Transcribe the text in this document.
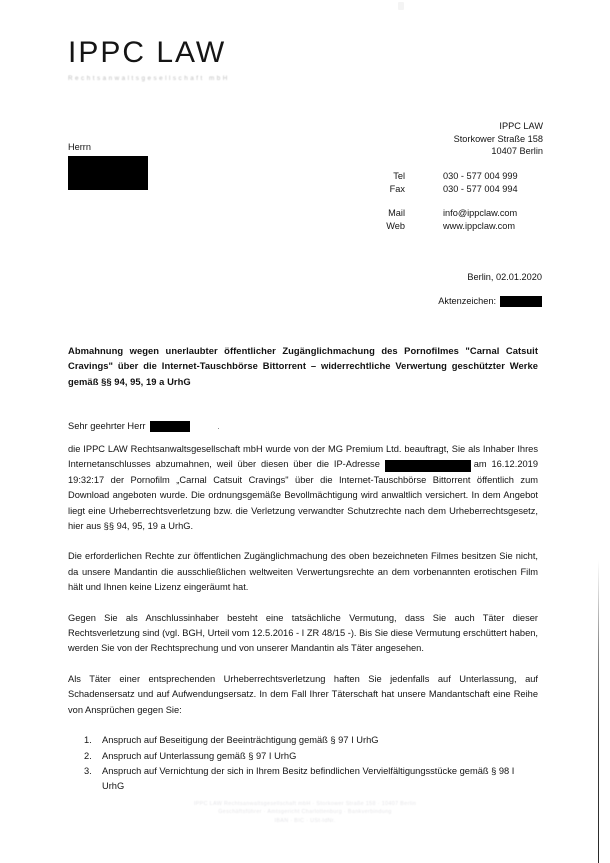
IPPC LAW
Rechtsanwaltsgesellschaft mbH
IPPC LAW
Storkower Straße 158
10407 Berlin
Tel	030 - 577 004 999
Fax	030 - 577 004 994

Mail	info@ippclaw.com
Web	www.ippclaw.com
Herrn
Berlin, 02.01.2020
Aktenzeichen:
Abmahnung wegen unerlaubter öffentlicher Zugänglichmachung des Pornofilmes "Carnal Catsuit Cravings" über die Internet-Tauschbörse Bittorrent – widerrechtliche Verwertung geschützter Werke gemäß §§ 94, 95, 19 a UrhG
Sehr geehrter Herr	.

die IPPC LAW Rechtsanwaltsgesellschaft mbH wurde von der MG Premium Ltd. beauftragt, Sie als Inhaber Ihres Internetanschlusses abzumahnen, weil über diesen über die IP-Adresse	am 16.12.2019 19:32:17 der Pornofilm „Carnal Catsuit Cravings" über die Internet-Tauschbörse Bittorrent öffentlich zum Download angeboten wurde. Die ordnungsgemäße Bevollmächtigung wird anwaltlich versichert. In dem Angebot liegt eine Urheberrechtsverletzung bzw. die Verletzung verwandter Schutzrechte nach dem Urheberrechtsgesetz, hier aus §§ 94, 95, 19 a UrhG.

Die erforderlichen Rechte zur öffentlichen Zugänglichmachung des oben bezeichneten Filmes besitzen Sie nicht, da unsere Mandantin die ausschließlichen weltweiten Verwertungsrechte an dem vorbenannten erotischen Film hält und Ihnen keine Lizenz eingeräumt hat.

Gegen Sie als Anschlussinhaber besteht eine tatsächliche Vermutung, dass Sie auch Täter dieser Rechtsverletzung sind (vgl. BGH, Urteil vom 12.5.2016 - I ZR 48/15 -). Bis Sie diese Vermutung erschüttert haben, werden Sie von der Rechtsprechung und von unserer Mandantin als Täter angesehen.

Als Täter einer entsprechenden Urheberrechtsverletzung haften Sie jedenfalls auf Unterlassung, auf Schadensersatz und auf Aufwendungsersatz. In dem Fall Ihrer Täterschaft hat unsere Mandantschaft eine Reihe von Ansprüchen gegen Sie:

1.	Anspruch auf Beseitigung der Beeinträchtigung gemäß § 97 I UrhG
2.	Anspruch auf Unterlassung gemäß § 97 I UrhG
3.	Anspruch auf Vernichtung der sich in Ihrem Besitz befindlichen Vervielfältigungsstücke gemäß § 98 I UrhG
IPPC LAW Rechtsanwaltsgesellschaft mbH · Storkower Straße 158 · 10407 Berlin
Geschäftsführer · Amtsgericht Charlottenburg · Bankverbindung
IBAN · BIC · USt-IdNr.
